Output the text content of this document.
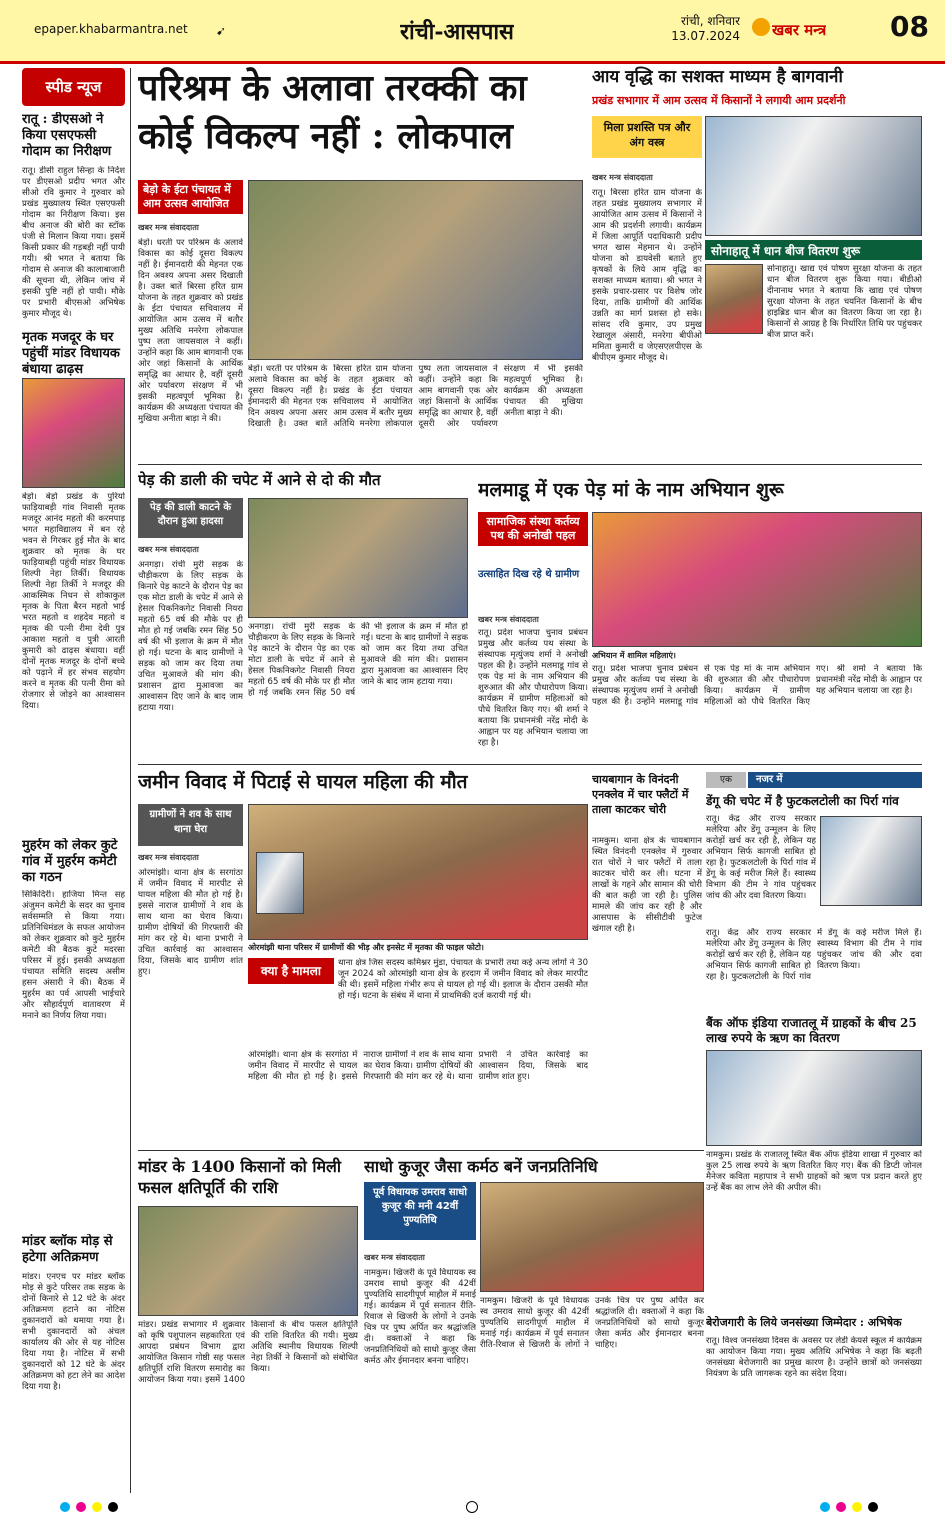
epaper.khabarmantra.net ➹	रांची-आसपास	रांची, शनिवार
13.07.2024 खबर मन्त्र 08
स्पीड न्यूज
रातू : डीएसओ ने किया एसएफसी गोदाम का निरीक्षण
रातू। डीसी राहुल सिन्हा के निर्देश पर डीएसओ प्रदीप भगत और सीओ रवि कुमार ने गुरुवार को प्रखंड मुख्यालय स्थित एसएफसी गोदाम का निरीक्षण किया। इस बीच अनाज की बोरी का स्टॉक पंजी से मिलान किया गया। इसमें किसी प्रकार की गड़बड़ी नहीं पायी गयी। श्री भगत ने बताया कि गोदाम से अनाज की कालाबाजारी की सूचना थी, लेकिन जांच में इसकी पुष्टि नहीं हो पायी। मौके पर प्रभारी बीएसओ अभिषेक कुमार मौजूद थे।
मृतक मजदूर के घर पहुंचीं मांडर विधायक बंधाया ढाढ़स
बेड़ो। बेड़ो प्रखंड के पुरियो फाड़ियाबड़ी गांव निवासी मृतक मजदूर आनंद महतो की करमपाड़ भगत महाविद्यालय में बन रहे भवन से गिरकर हुई मौत के बाद शुक्रवार को मृतक के घर फाड़ियाबड़ी पहुंची मांडर विधायक शिल्पी नेहा तिर्की। विधायक शिल्पी नेहा तिर्की ने मजदूर की आकस्मिक निधन से शोकाकुल मृतक के पिता बैरन महतो भाई भरत महतो व शहदेव महतो व मृतक की पत्नी रीमा देवी पुत्र आकाश महतो व पुत्री आरती कुमारी को ढाढ़स बंधाया। वहीं दोनों मृतक मजदूर के दोनों बच्चे को पढ़ाने में हर संभव सहयोग करने व मृतक की पत्नी रीमा को रोजगार से जोड़ने का आश्वासन दिया।
मुहर्रम को लेकर कुटे गांव में मुहर्रम कमेटी का गठन
सिकिदिरी। हाजिया मिन्त सह अंजुमन कमेटी के सदर का चुनाव सर्वसम्मति से किया गया। प्रतिनिधिमंडल के सफल आयोजन को लेकर शुक्रवार को कुटे मुहर्रम कमेटी की बैठक कुटे मदरसा परिसर में हुई। इसकी अध्यक्षता पंचायत समिति सदस्य असीम हसन अंसारी ने की। बैठक में मुहर्रम का पर्व आपसी भाईचारे और सौहार्दपूर्ण वातावरण में मनाने का निर्णय लिया गया।
मांडर ब्लॉक मोड़ से हटेगा अतिक्रमण
मांडर। एनएच पर मांडर ब्लॉक मोड़ से कुटे परिसर तक सड़क के दोनों किनारे से 12 घंटे के अंदर अतिक्रमण हटाने का नोटिस दुकानदारों को थमाया गया है। सभी दुकानदारों को अंचल कार्यालय की ओर से यह नोटिस दिया गया है। नोटिस में सभी दुकानदारों को 12 घंटे के अंदर अतिक्रमण को हटा लेने का आदेश दिया गया है।
परिश्रम के अलावा तरक्की का कोई विकल्प नहीं : लोकपाल
बेड़ो के ईटा पंचायत में आम उत्सव आयोजित
खबर मन्त्र संवाददाता
बेड़ो। धरती पर परिश्रम के अलावे विकास का कोई दूसरा विकल्प नहीं है। ईमानदारी की मेहनत एक दिन अवश्य अपना असर दिखाती है। उक्त बातें बिरसा हरित ग्राम योजना के तहत शुक्रवार को प्रखंड के ईटा पंचायत सचिवालय में आयोजित आम उत्सव में बतौर मुख्य अतिथि मनरेगा लोकपाल पुष्प लता जायसवाल ने कहीं। उन्होंने कहा कि आम बागवानी एक ओर जहां किसानों के आर्थिक समृद्धि का आधार है, वहीं दूसरी ओर पर्यावरण संरक्षण में भी इसकी महत्वपूर्ण भूमिका है। कार्यक्रम की अध्यक्षता पंचायत की मुखिया अनीता बाड़ा ने की।
बेड़ो। धरती पर परिश्रम के अलावे विकास का कोई दूसरा विकल्प नहीं है। ईमानदारी की मेहनत एक दिन अवश्य अपना असर दिखाती है। उक्त बातें बिरसा हरित ग्राम योजना के तहत शुक्रवार को प्रखंड के ईटा पंचायत सचिवालय में आयोजित आम उत्सव में बतौर मुख्य अतिथि मनरेगा लोकपाल पुष्प लता जायसवाल ने कहीं। उन्होंने कहा कि आम बागवानी एक ओर जहां किसानों के आर्थिक समृद्धि का आधार है, वहीं दूसरी ओर पर्यावरण संरक्षण में भी इसकी महत्वपूर्ण भूमिका है। कार्यक्रम की अध्यक्षता पंचायत की मुखिया अनीता बाड़ा ने की।
आय वृद्धि का सशक्त माध्यम है बागवानी
प्रखंड सभागार में आम उत्सव में किसानों ने लगायी आम प्रदर्शनी
मिला प्रशस्ति पत्र और अंग वस्त्र
खबर मन्त्र संवाददाता
रातू। बिरसा हरित ग्राम योजना के तहत प्रखंड मुख्यालय सभागार में आयोजित आम उत्सव में किसानों ने आम की प्रदर्शनी लगायी। कार्यक्रम में जिला आपूर्ति पदाधिकारी प्रदीप भगत खास मेहमान थे। उन्होंने योजना को डायवेसी बताते हुए कृषकों के लिये आम वृद्धि का सशक्त माध्यम बताया। श्री भगत ने इसके प्रचार-प्रसार पर विशेष जोर दिया, ताकि ग्रामीणों की आर्थिक उन्नति का मार्ग प्रशस्त हो सके। सांसद रवि कुमार, उप प्रमुख रेखालूल अंसारी, मनरेगा बीपीओ ममिता कुमारी व जेएसएलपीएस के बीपीएम कुमार मौजूद थे।
सोनाहातू में धान बीज वितरण शुरू
सोनाहातू। खाद्य एवं पोषण सुरक्षा योजना के तहत धान बीज वितरण शुरू किया गया। बीडीओ दीनानाथ भगत ने बताया कि खाद्य एवं पोषण सुरक्षा योजना के तहत चयनित किसानों के बीच हाइब्रिड धान बीज का वितरण किया जा रहा है। किसानों से आग्रह है कि निर्धारित तिथि पर पहुंचकर बीज प्राप्त करें।
पेड़ की डाली की चपेट में आने से दो की मौत
पेड़ की डाली काटने के दौरान हुआ हादसा
खबर मन्त्र संवाददाता
अनगड़ा। रांची मुरी सड़क के चौड़ीकरण के लिए सड़क के किनारे पेड़ काटने के दौरान पेड़ का एक मोटा डाली के चपेट में आने से हेसल पिकनिकगेट निवासी नियरा महतो 65 वर्ष की मौके पर ही मौत हो गई जबकि रमन सिंह 50 वर्ष की भी इलाज के क्रम में मौत हो गई। घटना के बाद ग्रामीणों ने सड़क को जाम कर दिया तथा उचित मुआवजे की मांग की। प्रशासन द्वारा मुआवजा का आश्वासन दिए जाने के बाद जाम हटाया गया।
अनगड़ा। रांची मुरी सड़क के चौड़ीकरण के लिए सड़क के किनारे पेड़ काटने के दौरान पेड़ का एक मोटा डाली के चपेट में आने से हेसल पिकनिकगेट निवासी नियरा महतो 65 वर्ष की मौके पर ही मौत हो गई जबकि रमन सिंह 50 वर्ष की भी इलाज के क्रम में मौत हो गई। घटना के बाद ग्रामीणों ने सड़क को जाम कर दिया तथा उचित मुआवजे की मांग की। प्रशासन द्वारा मुआवजा का आश्वासन दिए जाने के बाद जाम हटाया गया।
मलमाडू में एक पेड़ मां के नाम अभियान शुरू
सामाजिक संस्था कर्तव्य पथ की अनोखी पहल
उत्साहित दिख रहे थे ग्रामीण
खबर मन्त्र संवाददाता
रातू। प्रदेश भाजपा चुनाव प्रबंधन प्रमुख और कर्तव्य पथ संस्था के संस्थापक मृत्युंजय शर्मा ने अनोखी पहल की है। उन्होंने मलमाडू गांव से एक पेड़ मां के नाम अभियान की शुरुआत की और पौधारोपण किया। कार्यक्रम में ग्रामीण महिलाओं को पौधे वितरित किए गए। श्री शर्मा ने बताया कि प्रधानमंत्री नरेंद्र मोदी के आह्वान पर यह अभियान चलाया जा रहा है।
अभियान में शामिल महिलाएं।
रातू। प्रदेश भाजपा चुनाव प्रबंधन प्रमुख और कर्तव्य पथ संस्था के संस्थापक मृत्युंजय शर्मा ने अनोखी पहल की है। उन्होंने मलमाडू गांव से एक पेड़ मां के नाम अभियान की शुरुआत की और पौधारोपण किया। कार्यक्रम में ग्रामीण महिलाओं को पौधे वितरित किए गए। श्री शर्मा ने बताया कि प्रधानमंत्री नरेंद्र मोदी के आह्वान पर यह अभियान चलाया जा रहा है।
जमीन विवाद में पिटाई से घायल महिला की मौत
ग्रामीणों ने शव के साथ थाना घेरा
खबर मन्त्र संवाददाता
ओरमांझी। थाना क्षेत्र के सरगांठा में जमीन विवाद में मारपीट से घायल महिला की मौत हो गई है। इससे नाराज ग्रामीणों ने शव के साथ थाना का घेराव किया। ग्रामीण दोषियों की गिरफ्तारी की मांग कर रहे थे। थाना प्रभारी ने उचित कार्रवाई का आश्वासन दिया, जिसके बाद ग्रामीण शांत हुए।
ओरमांझी थाना परिसर में ग्रामीणों की भीड़ और इनसेट में मृतका की फाइल फोटो।
क्या है मामला
थाना क्षेत्र जिस सदस्य कमिश्नर मुंडा, पंचायत के प्रभारी तथा कई अन्य लोगों ने 30 जून 2024 को ओरमांझी थाना क्षेत्र के हरदाग में जमीन विवाद को लेकर मारपीट की थी। इसमें महिला गंभीर रूप से घायल हो गई थी। इलाज के दौरान उसकी मौत हो गई। घटना के संबंध में थाना में प्राथमिकी दर्ज करायी गई थी।
ओरमांझी। थाना क्षेत्र के सरगांठा में जमीन विवाद में मारपीट से घायल महिला की मौत हो गई है। इससे नाराज ग्रामीणों ने शव के साथ थाना का घेराव किया। ग्रामीण दोषियों की गिरफ्तारी की मांग कर रहे थे। थाना प्रभारी ने उचित कार्रवाई का आश्वासन दिया, जिसके बाद ग्रामीण शांत हुए।
चायबागान के विनंदनी एनक्लेव में चार फ्लैटों में ताला काटकर चोरी
नामकुम। थाना क्षेत्र के चायबागान स्थित विनंदनी एनक्लेव में गुरुवार रात चोरों ने चार फ्लैटों में ताला काटकर चोरी कर ली। घटना में लाखों के गहने और सामान की चोरी की बात कही जा रही है। पुलिस मामले की जांच कर रही है और आसपास के सीसीटीवी फुटेज खंगाल रही है।
एक	नजर में
डेंगू की चपेट में है फुटकलटोली का पिर्रा गांव
रातू। केंद्र और राज्य सरकार मलेरिया और डेंगू उन्मूलन के लिए करोड़ों खर्च कर रही है, लेकिन यह अभियान सिर्फ कागजी साबित हो रहा है। फुटकलटोली के पिर्रा गांव में डेंगू के कई मरीज मिले हैं। स्वास्थ्य विभाग की टीम ने गांव पहुंचकर जांच की और दवा वितरण किया।
रातू। केंद्र और राज्य सरकार मलेरिया और डेंगू उन्मूलन के लिए करोड़ों खर्च कर रही है, लेकिन यह अभियान सिर्फ कागजी साबित हो रहा है। फुटकलटोली के पिर्रा गांव में डेंगू के कई मरीज मिले हैं। स्वास्थ्य विभाग की टीम ने गांव पहुंचकर जांच की और दवा वितरण किया।
बैंक ऑफ इंडिया राजातलू में ग्राहकों के बीच 25 लाख रुपये के ऋण का वितरण
मांडर के 1400 किसानों को मिली फसल क्षतिपूर्ति की राशि
मांडर। प्रखंड सभागार में शुक्रवार को कृषि पशुपालन सहकारिता एवं आपदा प्रबंधन विभाग द्वारा आयोजित किसान गोष्ठी सह फसल क्षतिपूर्ति राशि वितरण समारोह का आयोजन किया गया। इसमें 1400 किसानों के बीच फसल क्षतिपूर्ति की राशि वितरित की गयी। मुख्य अतिथि स्थानीय विधायक शिल्पी नेहा तिर्की ने किसानों को संबोधित किया।
साधो कुजूर जैसा कर्मठ बनें जनप्रतिनिधि
पूर्व विधायक उमराव साधो कुजूर की मनी 42वीं पुण्यतिथि
खबर मन्त्र संवाददाता
नामकुम। खिजरी के पूर्व विधायक स्व उमराव साधो कुजूर की 42वीं पुण्यतिथि सादगीपूर्ण माहौल में मनाई गई। कार्यक्रम में पूर्व सनातन रीति-रिवाज से खिजरी के लोगों ने उनके चित्र पर पुष्प अर्पित कर श्रद्धांजलि दी। वक्ताओं ने कहा कि जनप्रतिनिधियों को साधो कुजूर जैसा कर्मठ और ईमानदार बनना चाहिए।
नामकुम। खिजरी के पूर्व विधायक स्व उमराव साधो कुजूर की 42वीं पुण्यतिथि सादगीपूर्ण माहौल में मनाई गई। कार्यक्रम में पूर्व सनातन रीति-रिवाज से खिजरी के लोगों ने उनके चित्र पर पुष्प अर्पित कर श्रद्धांजलि दी। वक्ताओं ने कहा कि जनप्रतिनिधियों को साधो कुजूर जैसा कर्मठ और ईमानदार बनना चाहिए।
नामकुम। प्रखंड के राजातलू स्थित बैंक ऑफ इंडिया शाखा में गुरुवार को कुल 25 लाख रुपये के ऋण वितरित किए गए। बैंक की डिप्टी जोनल मैनेजर कविता महापात्र ने सभी ग्राहकों को ऋण पत्र प्रदान करते हुए उन्हें बैंक का लाभ लेने की अपील की।
बेरोजगारी के लिये जनसंख्या जिम्मेदार : अभिषेक
रातू। विश्व जनसंख्या दिवस के अवसर पर लेडी केयर्स स्कूल में कार्यक्रम का आयोजन किया गया। मुख्य अतिथि अभिषेक ने कहा कि बढ़ती जनसंख्या बेरोजगारी का प्रमुख कारण है। उन्होंने छात्रों को जनसंख्या नियंत्रण के प्रति जागरूक रहने का संदेश दिया।
